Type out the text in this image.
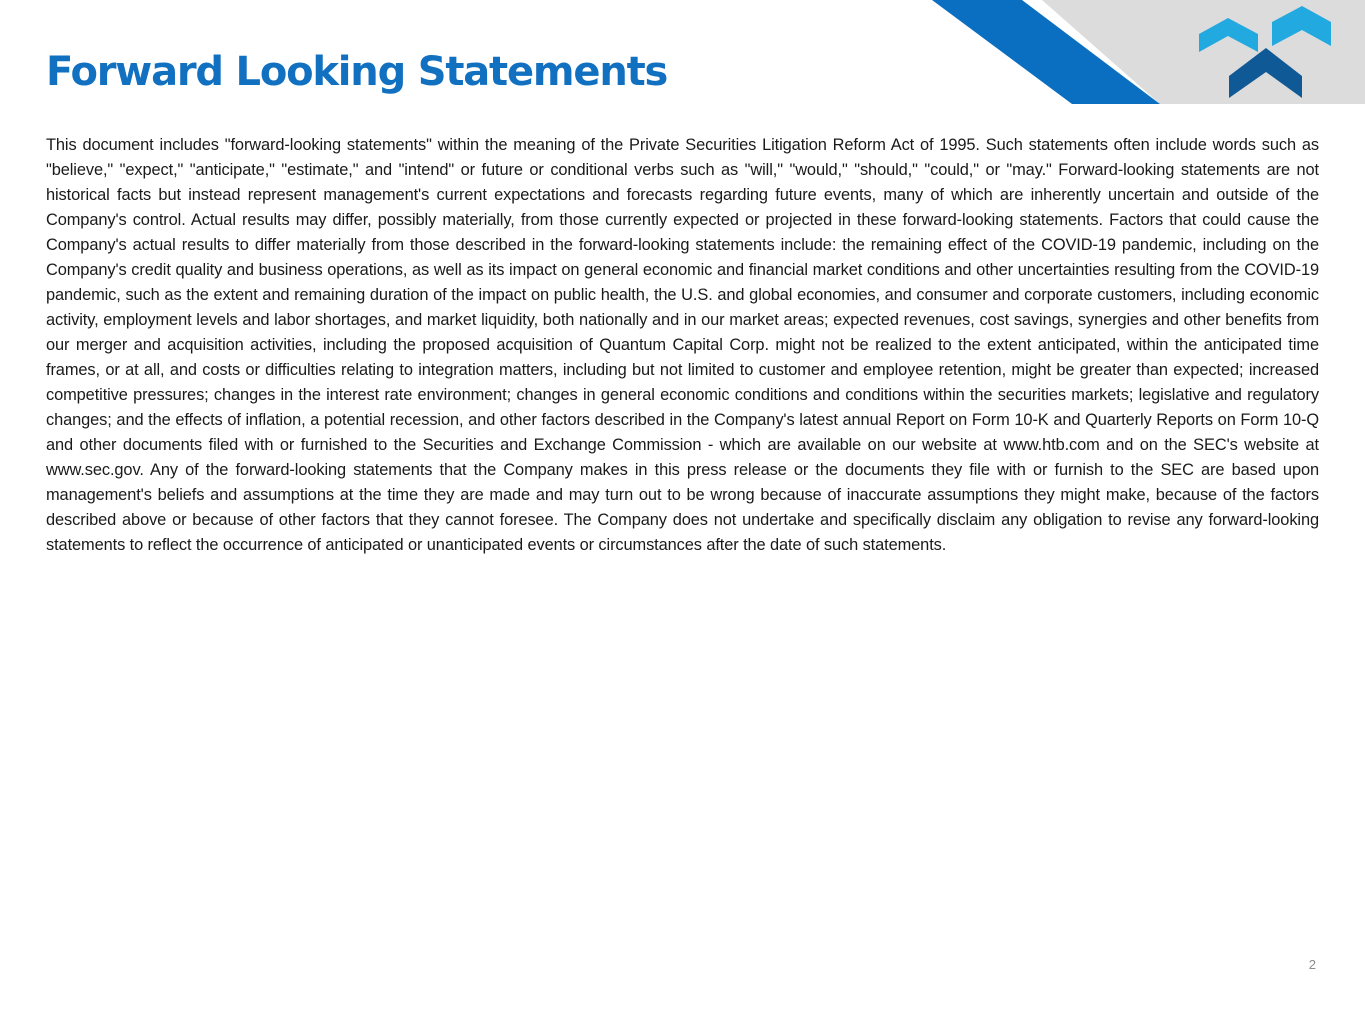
Forward Looking Statements

This document includes "forward-looking statements" within the meaning of the Private Securities Litigation Reform Act of 1995. Such statements often include words such as "believe," "expect," "anticipate," "estimate," and "intend" or future or conditional verbs such as "will," "would," "should," "could," or "may." Forward-looking statements are not historical facts but instead represent management's current expectations and forecasts regarding future events, many of which are inherently uncertain and outside of the Company's control. Actual results may differ, possibly materially, from those currently expected or projected in these forward-looking statements. Factors that could cause the Company's actual results to differ materially from those described in the forward-looking statements include: the remaining effect of the COVID-19 pandemic, including on the Company's credit quality and business operations, as well as its impact on general economic and financial market conditions and other uncertainties resulting from the COVID-19 pandemic, such as the extent and remaining duration of the impact on public health, the U.S. and global economies, and consumer and corporate customers, including economic activity, employment levels and labor shortages, and market liquidity, both nationally and in our market areas; expected revenues, cost savings, synergies and other benefits from our merger and acquisition activities, including the proposed acquisition of Quantum Capital Corp. might not be realized to the extent anticipated, within the anticipated time frames, or at all, and costs or difficulties relating to integration matters, including but not limited to customer and employee retention, might be greater than expected; increased competitive pressures; changes in the interest rate environment; changes in general economic conditions and conditions within the securities markets; legislative and regulatory changes; and the effects of inflation, a potential recession, and other factors described in the Company's latest annual Report on Form 10-K and Quarterly Reports on Form 10-Q and other documents filed with or furnished to the Securities and Exchange Commission - which are available on our website at www.htb.com and on the SEC's website at www.sec.gov. Any of the forward-looking statements that the Company makes in this press release or the documents they file with or furnish to the SEC are based upon management's beliefs and assumptions at the time they are made and may turn out to be wrong because of inaccurate assumptions they might make, because of the factors described above or because of other factors that they cannot foresee. The Company does not undertake and specifically disclaim any obligation to revise any forward-looking statements to reflect the occurrence of anticipated or unanticipated events or circumstances after the date of such statements.

2
